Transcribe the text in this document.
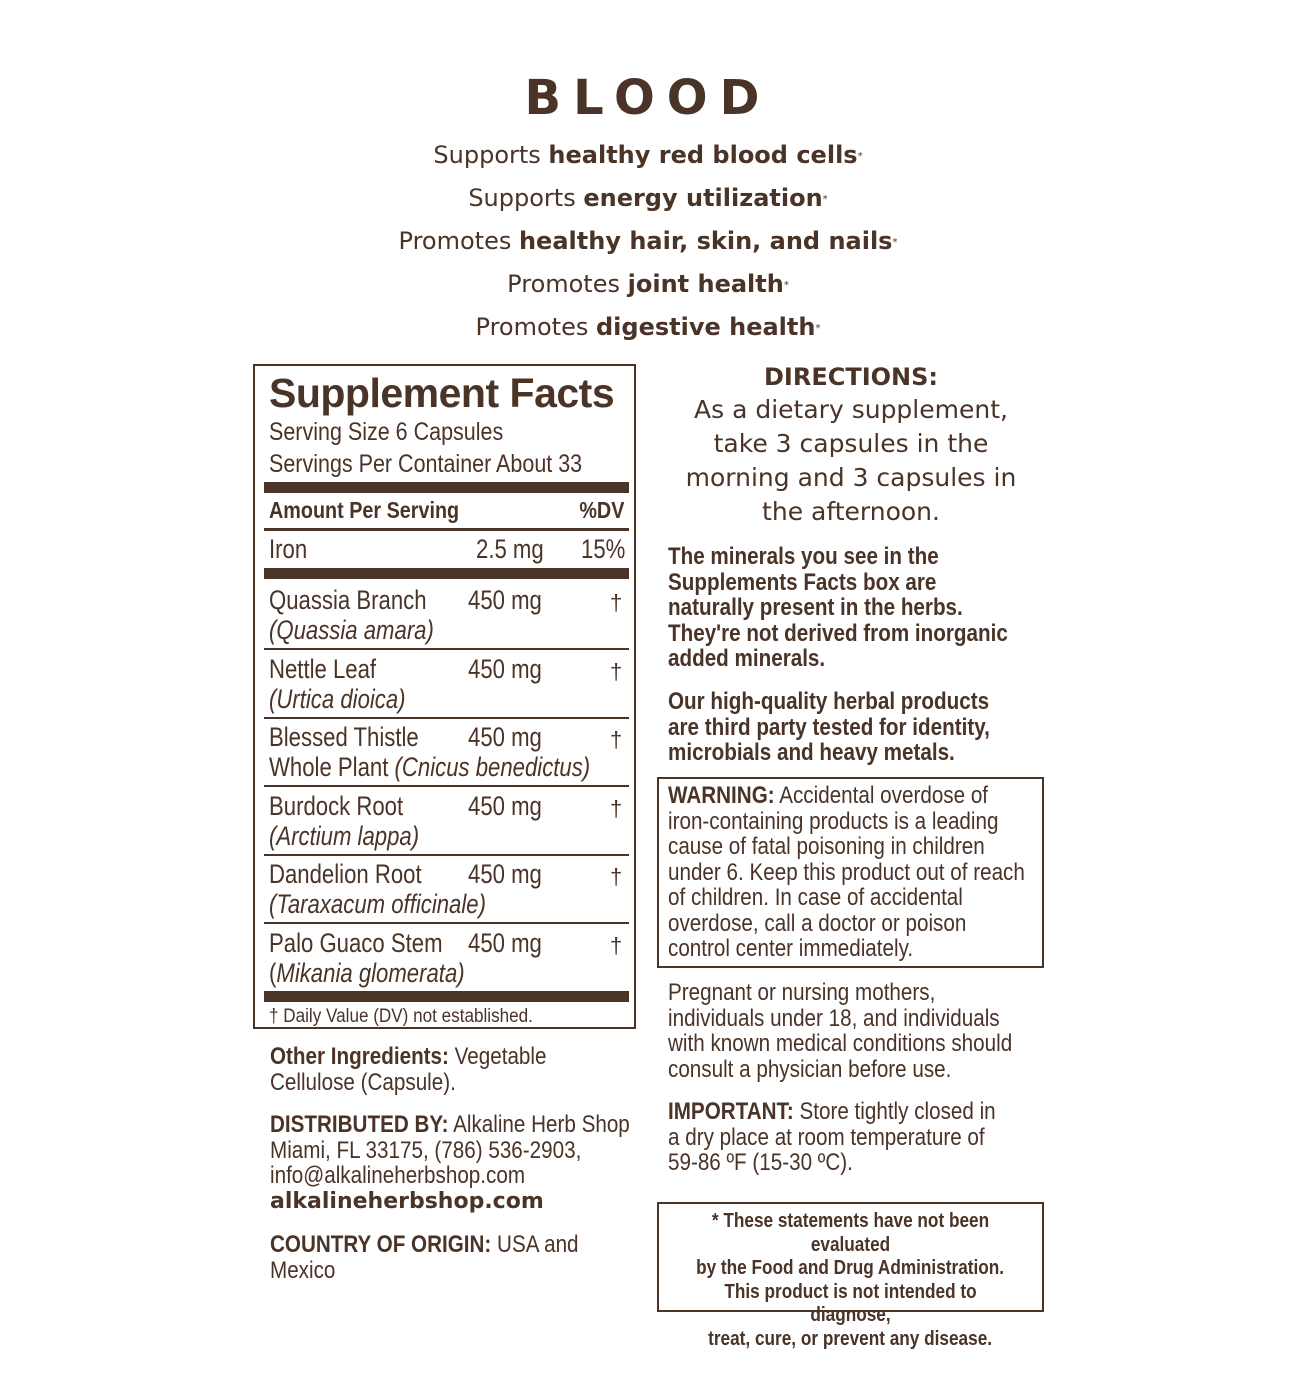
BLOOD
Supports healthy red blood cells*
Supports energy utilization*
Promotes healthy hair, skin, and nails*
Promotes joint health*
Promotes digestive health*
Supplement Facts
Serving Size 6 Capsules
Servings Per Container About 33
Amount Per Serving	%DV
Iron	2.5 mg 15%
Quassia Branch 450 mg	†
(Quassia amara)
Nettle Leaf	450 mg	†
(Urtica dioica)
Blessed Thistle 450 mg	†
Whole Plant (Cnicus benedictus)
Burdock Root 450 mg	†
(Arctium lappa)
Dandelion Root 450 mg	†
(Taraxacum officinale)
Palo Guaco Stem 450 mg	†
(Mikania glomerata)
† Daily Value (DV) not established.
Other Ingredients: Vegetable
Cellulose (Capsule).
DISTRIBUTED BY: Alkaline Herb Shop
Miami, FL 33175, (786) 536-2903,
info@alkalineherbshop.com
alkalineherbshop.com
COUNTRY OF ORIGIN: USA and
Mexico
DIRECTIONS:
As a dietary supplement,
take 3 capsules in the
morning and 3 capsules in
the afternoon.
The minerals you see in the
Supplements Facts box are
naturally present in the herbs.
They're not derived from inorganic
added minerals.
Our high-quality herbal products
are third party tested for identity,
microbials and heavy metals.
WARNING: Accidental overdose of
iron-containing products is a leading
cause of fatal poisoning in children
under 6. Keep this product out of reach
of children. In case of accidental
overdose, call a doctor or poison
control center immediately.
Pregnant or nursing mothers,
individuals under 18, and individuals
with known medical conditions should
consult a physician before use.
IMPORTANT: Store tightly closed in
a dry place at room temperature of
59-86 ºF (15-30 ºC).
* These statements have not been evaluated
by the Food and Drug Administration.
This product is not intended to diagnose,
treat, cure, or prevent any disease.
